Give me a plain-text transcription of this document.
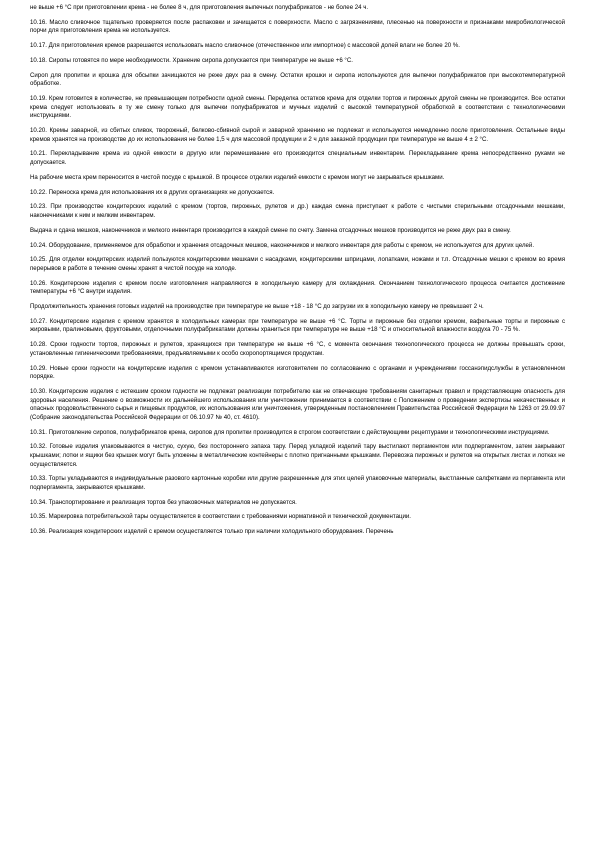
не выше +6 °С при приготовлении крема - не более 8 ч, для приготовления выпечных полуфабрикатов - не более 24 ч.

10.16. Масло сливочное тщательно проверяется после распаковки и зачищается с поверхности. Масло с загрязнениями, плесенью на поверхности и признаками микробиологической порчи для приготовления крема не используется.

10.17. Для приготовления кремов разрешается использовать масло сливочное (отечественное или импортное) с массовой долей влаги не более 20 %.

10.18. Сиропы готовятся по мере необходимости. Хранение сиропа допускается при температуре не выше +6 °С.

Сироп для пропитки и крошка для обсыпки зачищаются не реже двух раз в смену. Остатки крошки и сиропа используются для выпечки полуфабрикатов при высокотемпературной обработке.

10.19. Крем готовится в количестве, не превышающем потребности одной смены. Переделка остатков крема для отделки тортов и пирожных другой смены не производится. Все остатки крема следует использовать в ту же смену только для выпечки полуфабрикатов и мучных изделий с высокой температурной обработкой в соответствии с технологическими инструкциями.

10.20. Кремы заварной, из сбитых сливок, творожный, белково-сбивной сырой и заварной хранению не подлежат и используются немедленно после приготовления. Остальные виды кремов хранятся на производстве до их использования не более 1,5 ч для массовой продукции и 2 ч для заказной продукции при температуре не выше 4 ± 2 °С.

10.21. Перекладывание крема из одной емкости в другую или перемешивание его производится специальным инвентарем. Перекладывание крема непосредственно руками не допускается.

На рабочие места крем переносится в чистой посуде с крышкой. В процессе отделки изделий емкости с кремом могут не закрываться крышками.

10.22. Переноска крема для использования их в других организациях не допускается.

10.23. При производстве кондитерских изделий с кремом (тортов, пирожных, рулетов и др.) каждая смена приступает к работе с чистыми стерильными отсадочными мешками, наконечниками к ним и мелким инвентарем.

Выдача и сдача мешков, наконечников и мелкого инвентаря производится в каждой смене по счету. Замена отсадочных мешков производится не реже двух раз в смену.

10.24. Оборудование, применяемое для обработки и хранения отсадочных мешков, наконечников и мелкого инвентаря для работы с кремом, не используется для других целей.

10.25. Для отделки кондитерских изделий пользуются кондитерскими мешками с насадками, кондитерскими шприцами, лопатками, ножами и т.п. Отсадочные мешки с кремом во время перерывов в работе в течение смены хранят в чистой посуде на холоде.

10.26. Кондитерские изделия с кремом после изготовления направляются в холодильную камеру для охлаждения. Окончанием технологического процесса считается достижение температуры +6 °С внутри изделия.

Продолжительность хранения готовых изделий на производстве при температуре не выше +18 - 18 °С до загрузки их в холодильную камеру не превышает 2 ч.

10.27. Кондитерские изделия с кремом хранятся в холодильных камерах при температуре не выше +6 °С. Торты и пирожные без отделки кремом, вафельные торты и пирожные с жировыми, пралиновыми, фруктовыми, отделочными полуфабрикатами должны храниться при температуре не выше +18 °С и относительной влажности воздуха 70 - 75 %.

10.28. Сроки годности тортов, пирожных и рулетов, хранящихся при температуре не выше +6 °С, с момента окончания технологического процесса не должны превышать сроки, установленные гигиеническими требованиями, предъявляемыми к особо скоропортящимся продуктам.

10.29. Новые сроки годности на кондитерские изделия с кремом устанавливаются изготовителем по согласованию с органами и учреждениями госсанэпидслужбы в установленном порядке.

10.30. Кондитерские изделия с истекшим сроком годности не подлежат реализации потребителю как не отвечающие требованиям санитарных правил и представляющие опасность для здоровья населения. Решение о возможности их дальнейшего использования или уничтожении принимается в соответствии с Положением о проведении экспертизы некачественных и опасных продовольственного сырья и пищевых продуктов, их использования или уничтожения, утвержденным постановлением Правительства Российской Федерации № 1263 от 29.09.97 (Собрание законодательства Российской Федерации от 06.10.97 № 40, ст. 4610).

10.31. Приготовление сиропов, полуфабрикатов крема, сиропов для пропитки производится в строгом соответствии с действующими рецептурами и технологическими инструкциями.

10.32. Готовые изделия упаковываются в чистую, сухую, без постороннего запаха тару. Перед укладкой изделий тару выстилают пергаментом или подпергаментом, затем закрывают крышками; лотки и ящики без крышек могут быть уложены в металлические контейнеры с плотно пригнанными крышками. Перевозка пирожных и рулетов на открытых листах и лотках не осуществляется.

10.33. Торты укладываются в индивидуальные разового картонные коробки или другие разрешенные для этих целей упаковочные материалы, выстланные салфетками из пергамента или подпергамента, закрываются крышками.

10.34. Транспортирование и реализация тортов без упаковочных материалов не допускается.

10.35. Маркировка потребительской тары осуществляется в соответствии с требованиями нормативной и технической документации.

10.36. Реализация кондитерских изделий с кремом осуществляется только при наличии холодильного оборудования. Перечень
